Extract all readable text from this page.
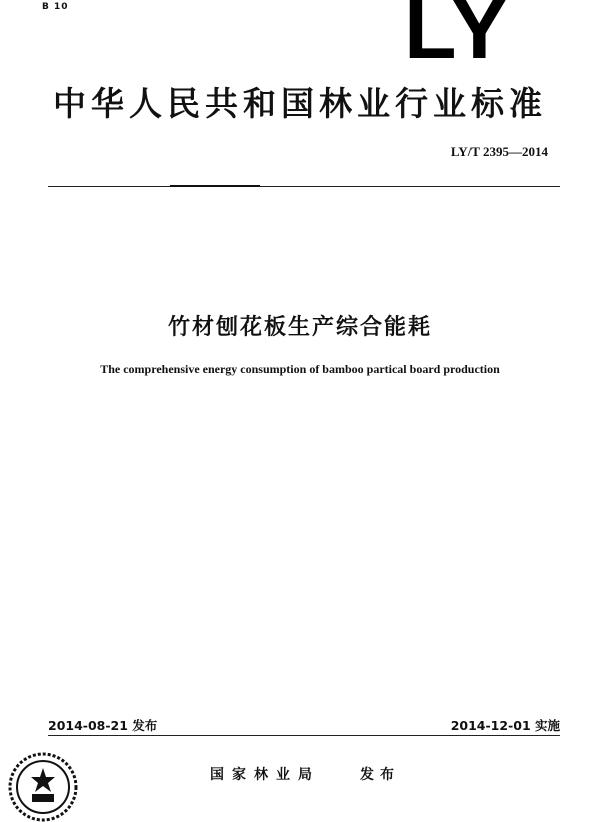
B 10	LY
中华人民共和国林业行业标准
LY/T 2395—2014
竹材刨花板生产综合能耗
The comprehensive energy consumption of bamboo partical board production
2014-08-21 发布	2014-12-01 实施
国家林业局	发布
